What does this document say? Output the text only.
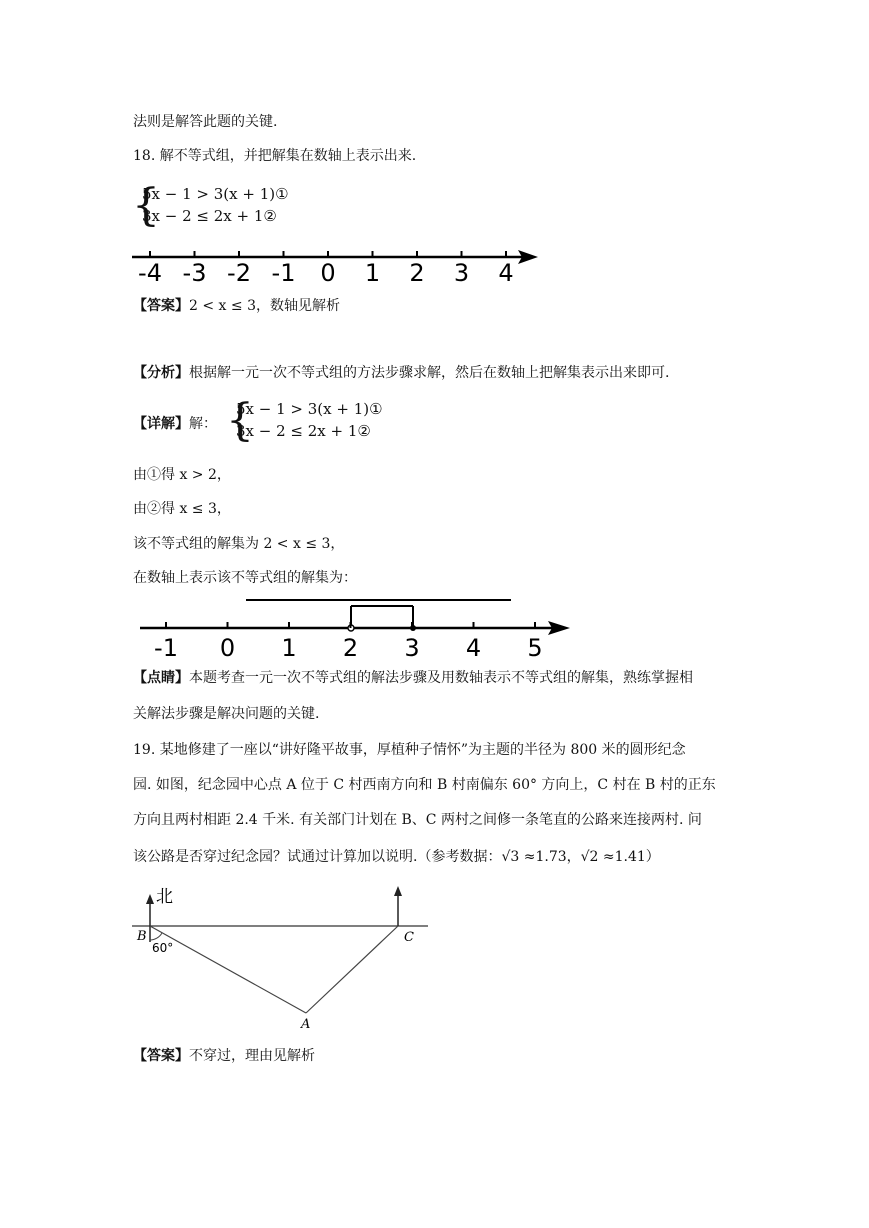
法则是解答此题的关键.
18. 解不等式组，并把解集在数轴上表示出来.
{
5x − 1 > 3(x + 1)①
3x − 2 ≤ 2x + 1②
-4 -3 -2 -1 0 1 2 3 4
【答案】2 < x ≤ 3，数轴见解析
【分析】根据解一元一次不等式组的方法步骤求解，然后在数轴上把解集表示出来即可.
【详解】解： {
5x − 1 > 3(x + 1)①
3x − 2 ≤ 2x + 1②
由①得 x > 2，
由②得 x ≤ 3，
该不等式组的解集为 2 < x ≤ 3，
在数轴上表示该不等式组的解集为：
-1 0 1 2 3 4 5
【点睛】本题考查一元一次不等式组的解法步骤及用数轴表示不等式组的解集，熟练掌握相
关解法步骤是解决问题的关键.
19. 某地修建了一座以“讲好隆平故事，厚植种子情怀”为主题的半径为 800 米的圆形纪念
园. 如图，纪念园中心点 A 位于 C 村西南方向和 B 村南偏东 60° 方向上，C 村在 B 村的正东
方向且两村相距 2.4 千米. 有关部门计划在 B、C 两村之间修一条笔直的公路来连接两村. 问
该公路是否穿过纪念园？试通过计算加以说明.（参考数据：√3 ≈1.73，√2 ≈1.41）
北
B	C
A
60°
【答案】不穿过，理由见解析
